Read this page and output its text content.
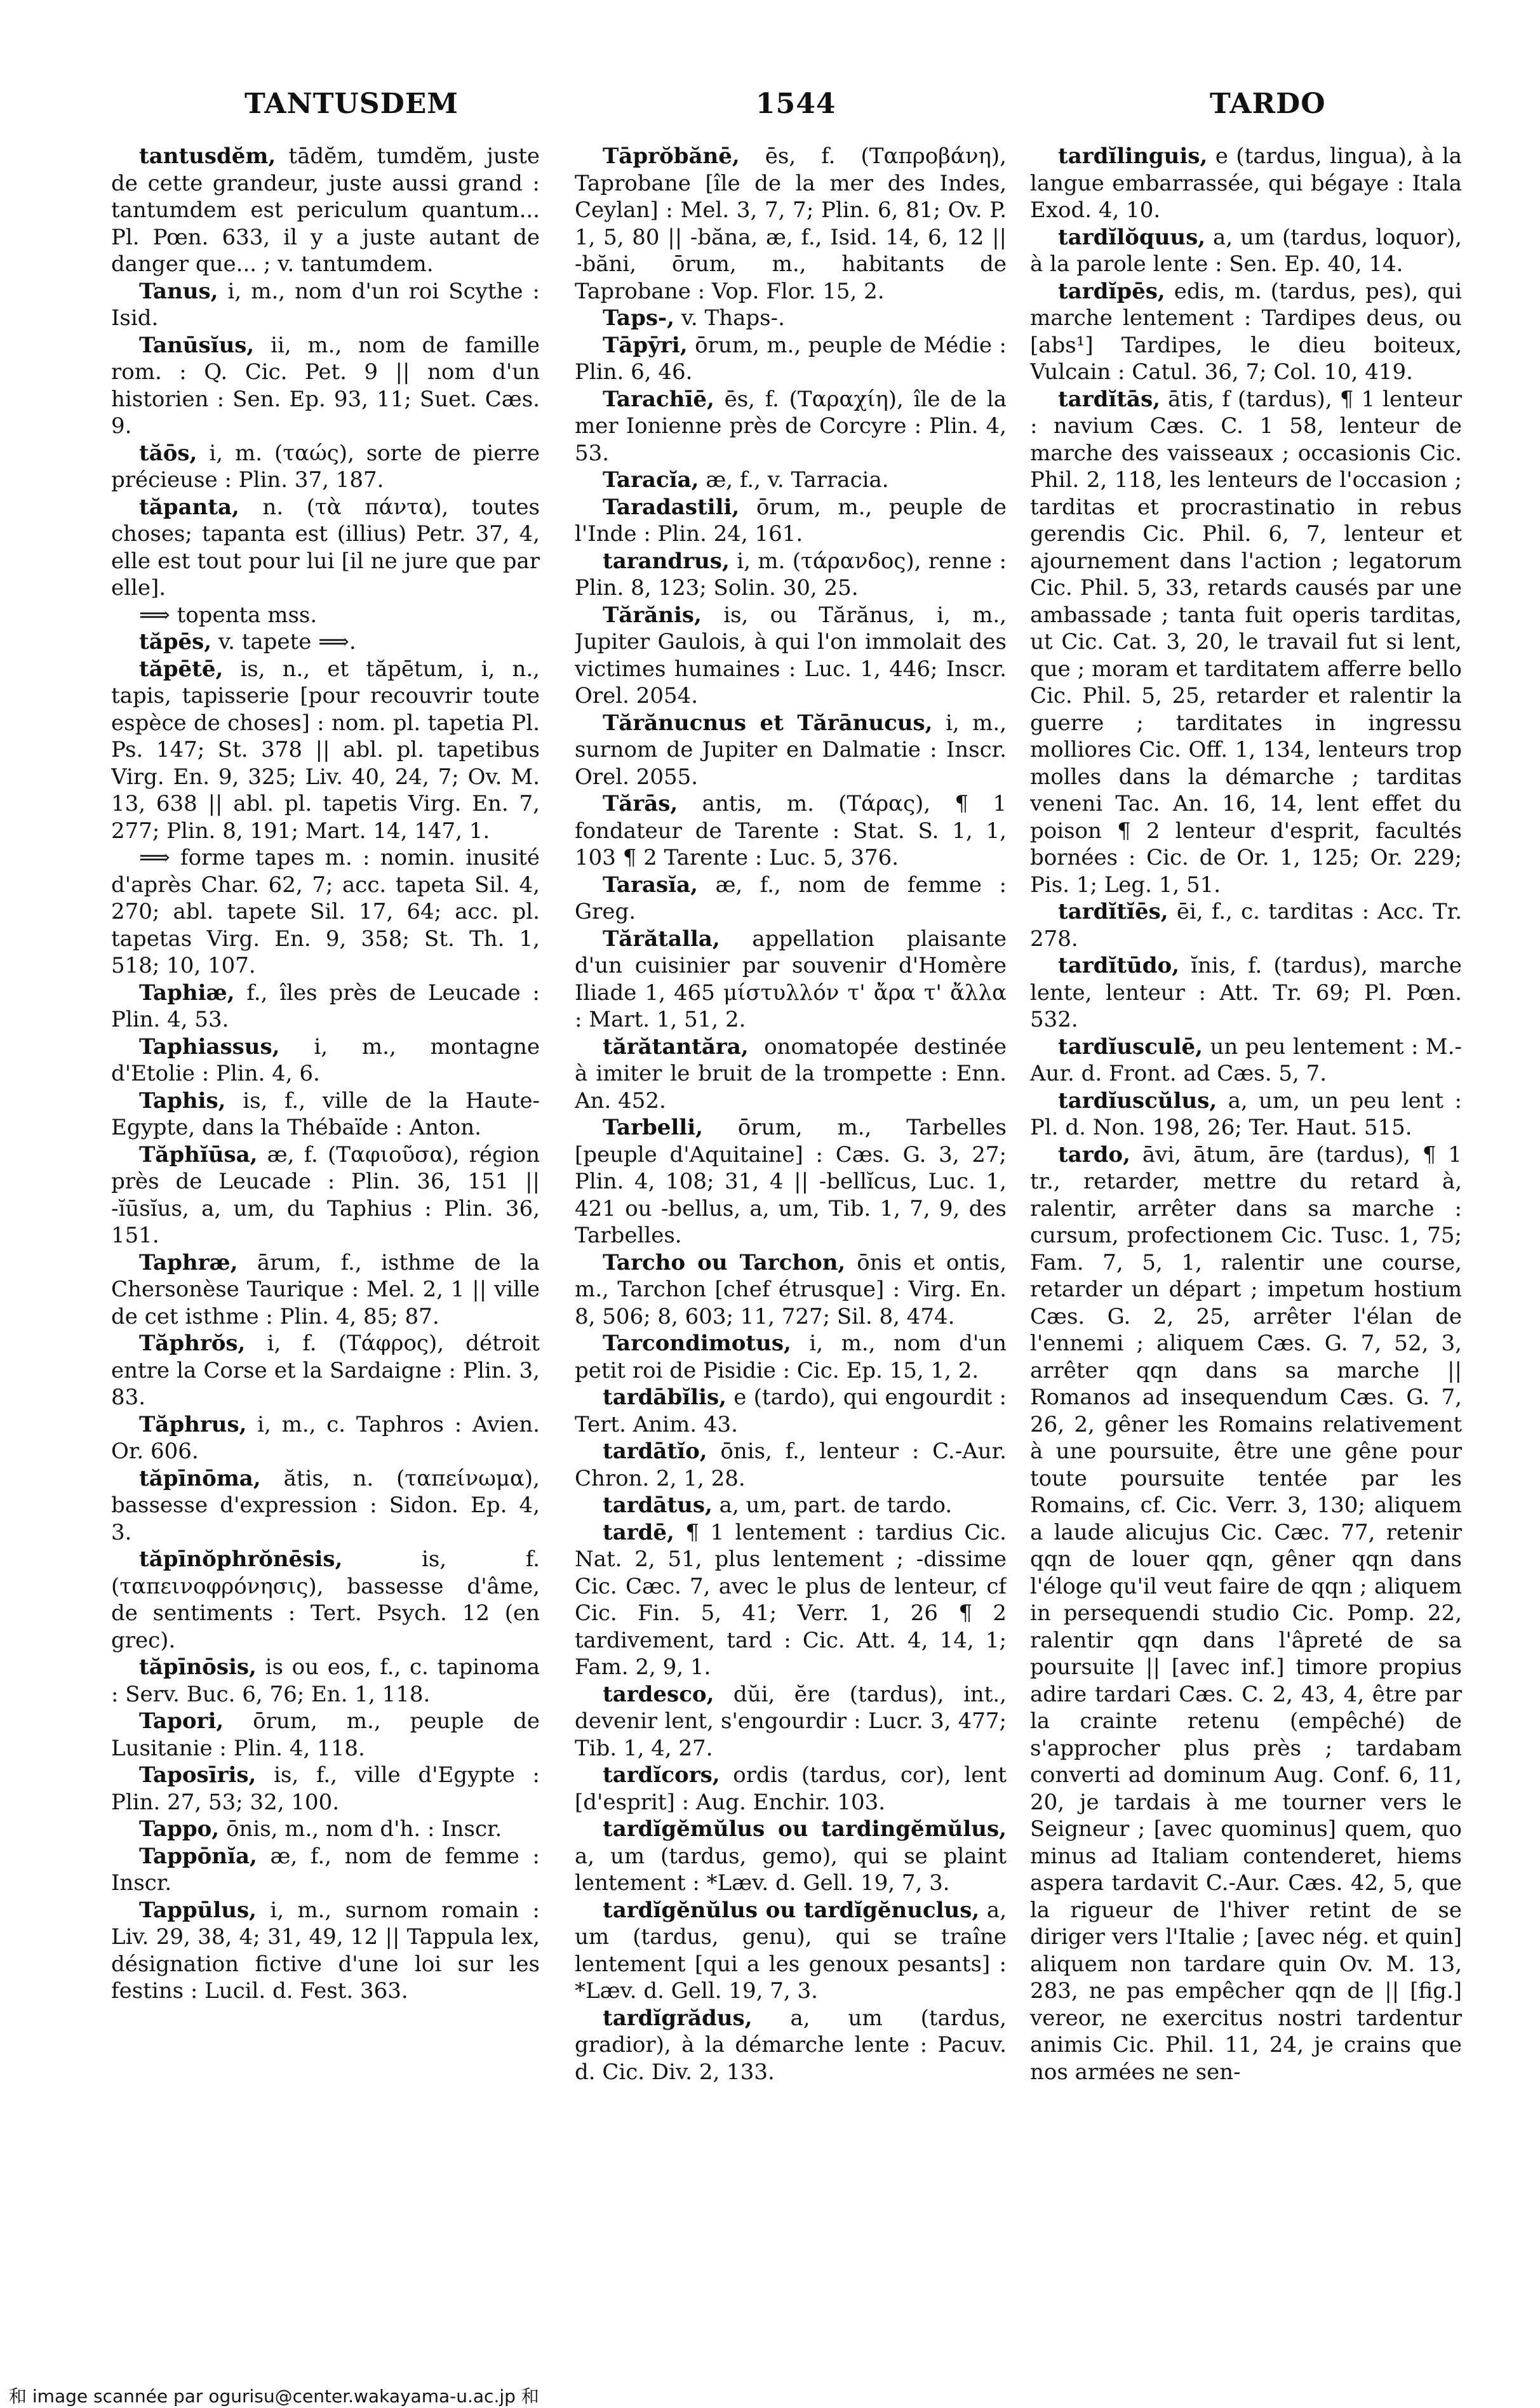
TANTUSDEM	1544	TARDO

tantusdĕm, tādĕm, tumdĕm, juste de cette grandeur, juste aussi grand : tantumdem est periculum quantum... Pl. Pœn. 633, il y a juste autant de danger que... ; v. tantumdem.

Tanus, i, m., nom d'un roi Scythe : Isid.

Tanūsĭus, ii, m., nom de famille rom. : Q. Cic. Pet. 9 || nom d'un historien : Sen. Ep. 93, 11; Suet. Cæs. 9.

tăōs, i, m. (ταώς), sorte de pierre précieuse : Plin. 37, 187.

tăpanta, n. (τὰ πάντα), toutes choses; tapanta est (illius) Petr. 37, 4, elle est tout pour lui [il ne jure que par elle].

⟹ topenta mss.

tăpēs, v. tapete ⟹.

tăpētē, is, n., et tăpētum, i, n., tapis, tapisserie [pour recouvrir toute espèce de choses] : nom. pl. tapetia Pl. Ps. 147; St. 378 || abl. pl. tapetibus Virg. En. 9, 325; Liv. 40, 24, 7; Ov. M. 13, 638 || abl. pl. tapetis Virg. En. 7, 277; Plin. 8, 191; Mart. 14, 147, 1.

⟹ forme tapes m. : nomin. inusité d'après Char. 62, 7; acc. tapeta Sil. 4, 270; abl. tapete Sil. 17, 64; acc. pl. tapetas Virg. En. 9, 358; St. Th. 1, 518; 10, 107.

Taphiæ, f., îles près de Leucade : Plin. 4, 53.

Taphiassus, i, m., montagne d'Etolie : Plin. 4, 6.

Taphis, is, f., ville de la Haute-Egypte, dans la Thébaïde : Anton.

Tăphĭūsa, æ, f. (Ταφιοῦσα), région près de Leucade : Plin. 36, 151 || -ĭūsĭus, a, um, du Taphius : Plin. 36, 151.

Taphræ, ārum, f., isthme de la Chersonèse Taurique : Mel. 2, 1 || ville de cet isthme : Plin. 4, 85; 87.

Tăphrŏs, i, f. (Τάφρος), détroit entre la Corse et la Sardaigne : Plin. 3, 83.

Tăphrus, i, m., c. Taphros : Avien. Or. 606.

tăpīnōma, ătis, n. (ταπείνωμα), bassesse d'expression : Sidon. Ep. 4, 3.

tăpīnŏphrŏnēsis, is, f. (ταπεινοφρόνησις), bassesse d'âme, de sentiments : Tert. Psych. 12 (en grec).

tăpīnōsis, is ou eos, f., c. tapinoma : Serv. Buc. 6, 76; En. 1, 118.

Tapori, ōrum, m., peuple de Lusitanie : Plin. 4, 118.

Taposīris, is, f., ville d'Egypte : Plin. 27, 53; 32, 100.

Tappo, ōnis, m., nom d'h. : Inscr.

Tappōnĭa, æ, f., nom de femme : Inscr.

Tappūlus, i, m., surnom romain : Liv. 29, 38, 4; 31, 49, 12 || Tappula lex, désignation fictive d'une loi sur les festins : Lucil. d. Fest. 363.

Tāprŏbănē, ēs, f. (Ταπροβάνη), Taprobane [île de la mer des Indes, Ceylan] : Mel. 3, 7, 7; Plin. 6, 81; Ov. P. 1, 5, 80 || -băna, æ, f., Isid. 14, 6, 12 || -băni, ōrum, m., habitants de Taprobane : Vop. Flor. 15, 2.

Taps-, v. Thaps-.

Tāpȳri, ōrum, m., peuple de Médie : Plin. 6, 46.

Tarachīē, ēs, f. (Ταραχίη), île de la mer Ionienne près de Corcyre : Plin. 4, 53.

Taracĭa, æ, f., v. Tarracia.

Taradastili, ōrum, m., peuple de l'Inde : Plin. 24, 161.

tarandrus, i, m. (τάρανδος), renne : Plin. 8, 123; Solin. 30, 25.

Tărănis, is, ou Tărănus, i, m., Jupiter Gaulois, à qui l'on immolait des victimes humaines : Luc. 1, 446; Inscr. Orel. 2054.

Tărănucnus et Tărānucus, i, m., surnom de Jupiter en Dalmatie : Inscr. Orel. 2055.

Tărās, antis, m. (Τάρας), ¶ 1 fondateur de Tarente : Stat. S. 1, 1, 103 ¶ 2 Tarente : Luc. 5, 376.

Tarasĭa, æ, f., nom de femme : Greg.

Tărătalla, appellation plaisante d'un cuisinier par souvenir d'Homère Iliade 1, 465 μίστυλλόν τ' ἄρα τ' ἄλλα : Mart. 1, 51, 2.

tărătantăra, onomatopée destinée à imiter le bruit de la trompette : Enn. An. 452.

Tarbelli, ōrum, m., Tarbelles [peuple d'Aquitaine] : Cæs. G. 3, 27; Plin. 4, 108; 31, 4 || -bellĭcus, Luc. 1, 421 ou -bellus, a, um, Tib. 1, 7, 9, des Tarbelles.

Tarcho ou Tarchon, ōnis et ontis, m., Tarchon [chef étrusque] : Virg. En. 8, 506; 8, 603; 11, 727; Sil. 8, 474.

Tarcondimotus, i, m., nom d'un petit roi de Pisidie : Cic. Ep. 15, 1, 2.

tardābĭlis, e (tardo), qui engourdit : Tert. Anim. 43.

tardātĭo, ōnis, f., lenteur : C.-Aur. Chron. 2, 1, 28.

tardātus, a, um, part. de tardo.

tardē, ¶ 1 lentement : tardius Cic. Nat. 2, 51, plus lentement ; -dissime Cic. Cæc. 7, avec le plus de lenteur, cf Cic. Fin. 5, 41; Verr. 1, 26 ¶ 2 tardivement, tard : Cic. Att. 4, 14, 1; Fam. 2, 9, 1.

tardesco, dŭi, ĕre (tardus), int., devenir lent, s'engourdir : Lucr. 3, 477; Tib. 1, 4, 27.

tardĭcors, ordis (tardus, cor), lent [d'esprit] : Aug. Enchir. 103.

tardĭgĕmŭlus ou tardingĕmŭlus, a, um (tardus, gemo), qui se plaint lentement : *Læv. d. Gell. 19, 7, 3.

tardĭgĕnŭlus ou tardĭgĕnuclus, a, um (tardus, genu), qui se traîne lentement [qui a les genoux pesants] : *Læv. d. Gell. 19, 7, 3.

tardĭgrădus, a, um (tardus, gradior), à la démarche lente : Pacuv. d. Cic. Div. 2, 133.

tardĭlinguis, e (tardus, lingua), à la langue embarrassée, qui bégaye : Itala Exod. 4, 10.

tardĭlŏquus, a, um (tardus, loquor), à la parole lente : Sen. Ep. 40, 14.

tardĭpēs, edis, m. (tardus, pes), qui marche lentement : Tardipes deus, ou [abs¹] Tardipes, le dieu boiteux, Vulcain : Catul. 36, 7; Col. 10, 419.

tardĭtās, ātis, f (tardus), ¶ 1 lenteur : navium Cæs. C. 1 58, lenteur de marche des vaisseaux ; occasionis Cic. Phil. 2, 118, les lenteurs de l'occasion ; tarditas et procrastinatio in rebus gerendis Cic. Phil. 6, 7, lenteur et ajournement dans l'action ; legatorum Cic. Phil. 5, 33, retards causés par une ambassade ; tanta fuit operis tarditas, ut Cic. Cat. 3, 20, le travail fut si lent, que ; moram et tarditatem afferre bello Cic. Phil. 5, 25, retarder et ralentir la guerre ; tarditates in ingressu molliores Cic. Off. 1, 134, lenteurs trop molles dans la démarche ; tarditas veneni Tac. An. 16, 14, lent effet du poison ¶ 2 lenteur d'esprit, facultés bornées : Cic. de Or. 1, 125; Or. 229; Pis. 1; Leg. 1, 51.

tardĭtĭēs, ēi, f., c. tarditas : Acc. Tr. 278.

tardĭtūdo, ĭnis, f. (tardus), marche lente, lenteur : Att. Tr. 69; Pl. Pœn. 532.

tardĭusculē, un peu lentement : M.-Aur. d. Front. ad Cæs. 5, 7.

tardĭuscŭlus, a, um, un peu lent : Pl. d. Non. 198, 26; Ter. Haut. 515.

tardo, āvi, ātum, āre (tardus), ¶ 1 tr., retarder, mettre du retard à, ralentir, arrêter dans sa marche : cursum, profectionem Cic. Tusc. 1, 75; Fam. 7, 5, 1, ralentir une course, retarder un départ ; impetum hostium Cæs. G. 2, 25, arrêter l'élan de l'ennemi ; aliquem Cæs. G. 7, 52, 3, arrêter qqn dans sa marche || Romanos ad insequendum Cæs. G. 7, 26, 2, gêner les Romains relativement à une poursuite, être une gêne pour toute poursuite tentée par les Romains, cf. Cic. Verr. 3, 130; aliquem a laude alicujus Cic. Cæc. 77, retenir qqn de louer qqn, gêner qqn dans l'éloge qu'il veut faire de qqn ; aliquem in persequendi studio Cic. Pomp. 22, ralentir qqn dans l'âpreté de sa poursuite || [avec inf.] timore propius adire tardari Cæs. C. 2, 43, 4, être par la crainte retenu (empêché) de s'approcher plus près ; tardabam converti ad dominum Aug. Conf. 6, 11, 20, je tardais à me tourner vers le Seigneur ; [avec quominus] quem, quo minus ad Italiam contenderet, hiems aspera tardavit C.-Aur. Cæs. 42, 5, que la rigueur de l'hiver retint de se diriger vers l'Italie ; [avec nég. et quin] aliquem non tardare quin Ov. M. 13, 283, ne pas empêcher qqn de || [fig.] vereor, ne exercitus nostri tardentur animis Cic. Phil. 11, 24, je crains que nos armées ne sen-

和 image scannée par ogurisu@center.wakayama-u.ac.jp 和
